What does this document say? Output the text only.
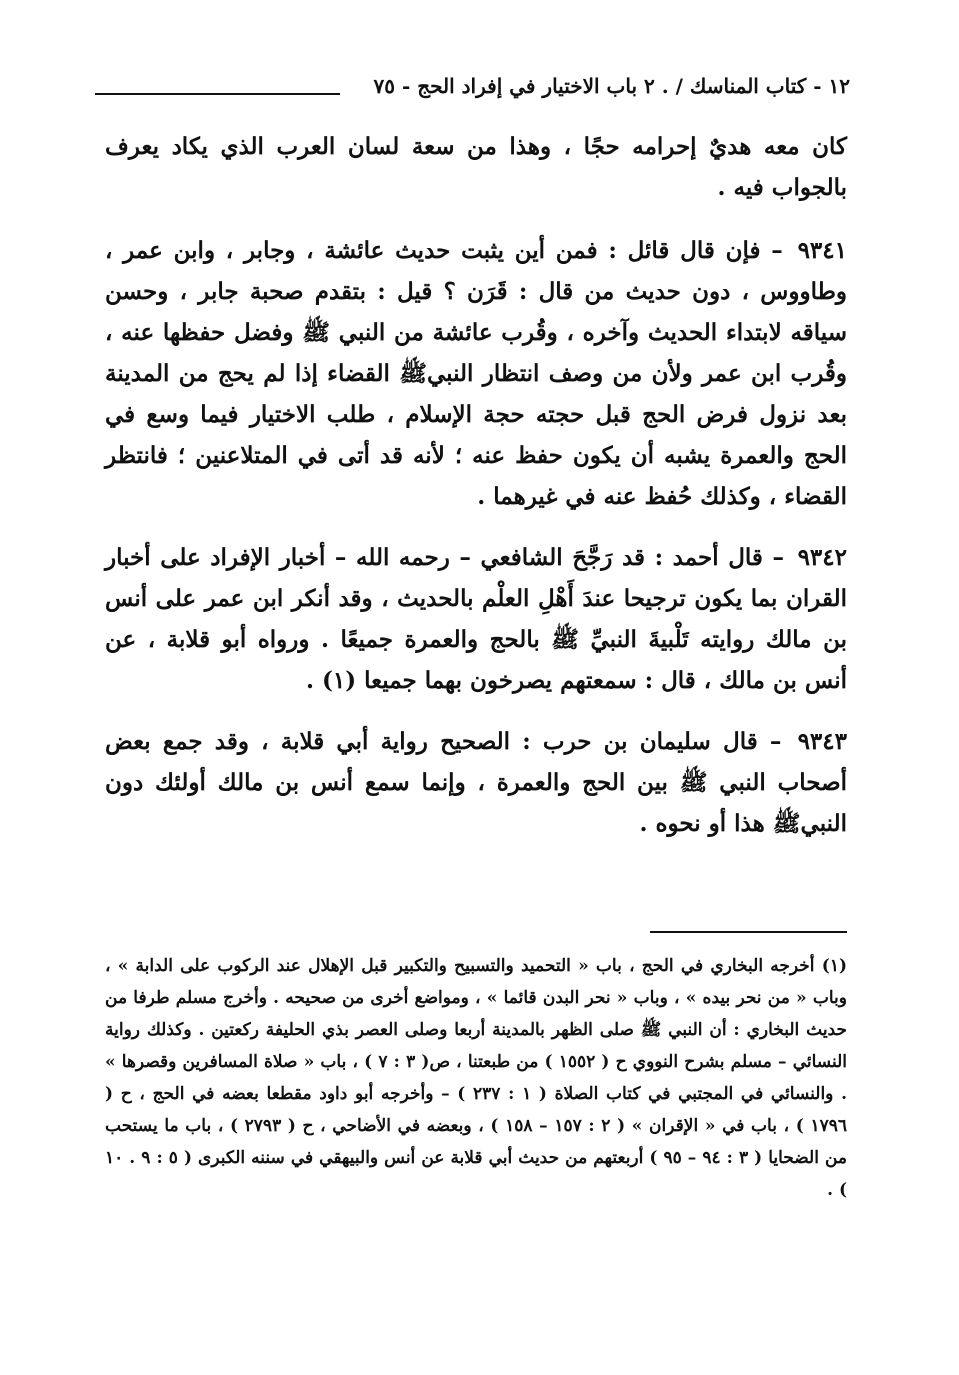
١٢ - كتاب المناسك / . ٢ باب الاختيار في إفراد الحج - ٧٥

كان معه هديٌ إحرامه حجًا ، وهذا من سعة لسان العرب الذي يكاد يعرف بالجواب فيه .

٩٣٤١ – فإن قال قائل : فمن أين يثبت حديث عائشة ، وجابر ، وابن عمر ، وطاووس ، دون حديث من قال : قَرَن ؟ قيل : بتقدم صحبة جابر ، وحسن سياقه لابتداء الحديث وآخره ، وقُرب عائشة من النبي ﷺ وفضل حفظها عنه ، وقُرب ابن عمر ولأن من وصف انتظار النبيﷺ القضاء إذا لم يحج من المدينة بعد نزول فرض الحج قبل حجته حجة الإسلام ، طلب الاختيار فيما وسع في الحج والعمرة يشبه أن يكون حفظ عنه ؛ لأنه قد أتى في المتلاعنين ؛ فانتظر القضاء ، وكذلك حُفظ عنه في غيرهما .

٩٣٤٢ – قال أحمد : قد رَجَّحَ الشافعي – رحمه الله – أخبار الإفراد على أخبار القران بما يكون ترجيحا عندَ أَهْلِ العلْم بالحديث ، وقد أنكر ابن عمر على أنس بن مالك روايته تَلْبيةَ النبيِّ ﷺ بالحج والعمرة جميعًا . ورواه أبو قلابة ، عن أنس بن مالك ، قال : سمعتهم يصرخون بهما جميعا (١) .

٩٣٤٣ – قال سليمان بن حرب : الصحيح رواية أبي قلابة ، وقد جمع بعض أصحاب النبي ﷺ بين الحج والعمرة ، وإنما سمع أنس بن مالك أولئك دون النبيﷺ هذا أو نحوه .

(١) أخرجه البخاري في الحج ، باب « التحميد والتسبيح والتكبير قبل الإهلال عند الركوب على الدابة » ، وباب « من نحر بيده » ، وباب « نحر البدن قائما » ، ومواضع أخرى من صحيحه . وأخرج مسلم طرفا من حديث البخاري : أن النبي ﷺ صلى الظهر بالمدينة أربعا وصلى العصر بذي الحليفة ركعتين . وكذلك رواية النسائي – مسلم بشرح النووي ح ( ١٥٥٢ ) من طبعتنا ، ص( ٣ : ٧ ) ، باب « صلاة المسافرين وقصرها » . والنسائي في المجتبي في كتاب الصلاة ( ١ : ٢٣٧ ) – وأخرجه أبو داود مقطعا بعضه في الحج ، ح ( ١٧٩٦ ) ، باب في « الإقران » ( ٢ : ١٥٧ – ١٥٨ ) ، وبعضه في الأضاحي ، ح ( ٢٧٩٣ ) ، باب ما يستحب من الضحايا ( ٣ : ٩٤ – ٩٥ ) أربعتهم من حديث أبي قلابة عن أنس والبيهقي في سننه الكبرى ( ٥ : ٩ . ١٠ ) .
